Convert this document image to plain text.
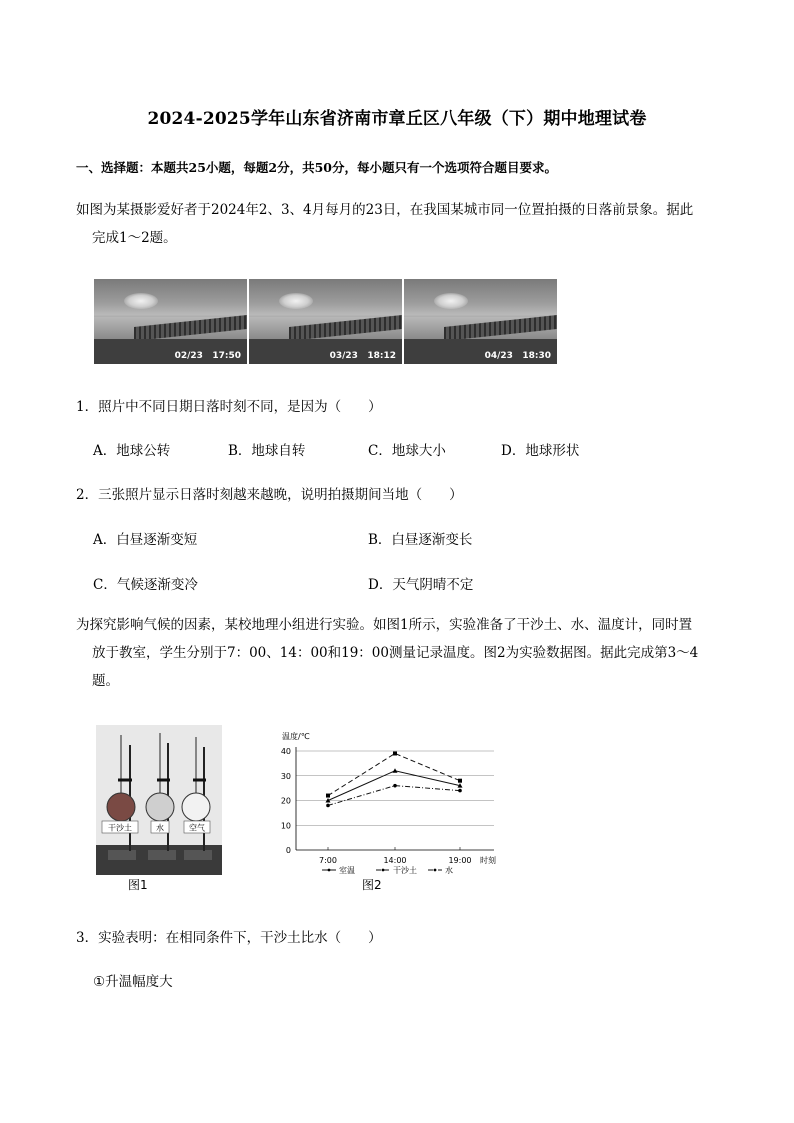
2024-2025学年山东省济南市章丘区八年级（下）期中地理试卷
一、选择题：本题共25小题，每题2分，共50分，每小题只有一个选项符合题目要求。
如图为某摄影爱好者于2024年2、3、4月每月的23日，在我国某城市同一位置拍摄的日落前景象。据此
完成1～2题。
02/23   17:50	03/23   18:12	04/23   18:30
1．照片中不同日期日落时刻不同，是因为（　　）
A．地球公转	B．地球自转	C．地球大小	D．地球形状
2．三张照片显示日落时刻越来越晚，说明拍摄期间当地（　　）
A．白昼逐渐变短	B．白昼逐渐变长
C．气候逐渐变冷	D．天气阴晴不定
为探究影响气候的因素，某校地理小组进行实验。如图1所示，实验准备了干沙土、水、温度计，同时置
放于教室，学生分别于7：00、14：00和19：00测量记录温度。图2为实验数据图。据此完成第3～4
题。
干沙土	水	空气
图1
温度/℃
0
10
20
30
40
7:00	14:00	19:00 时刻
室温	干沙土	水
图2
3．实验表明：在相同条件下，干沙土比水（　　）
①升温幅度大
